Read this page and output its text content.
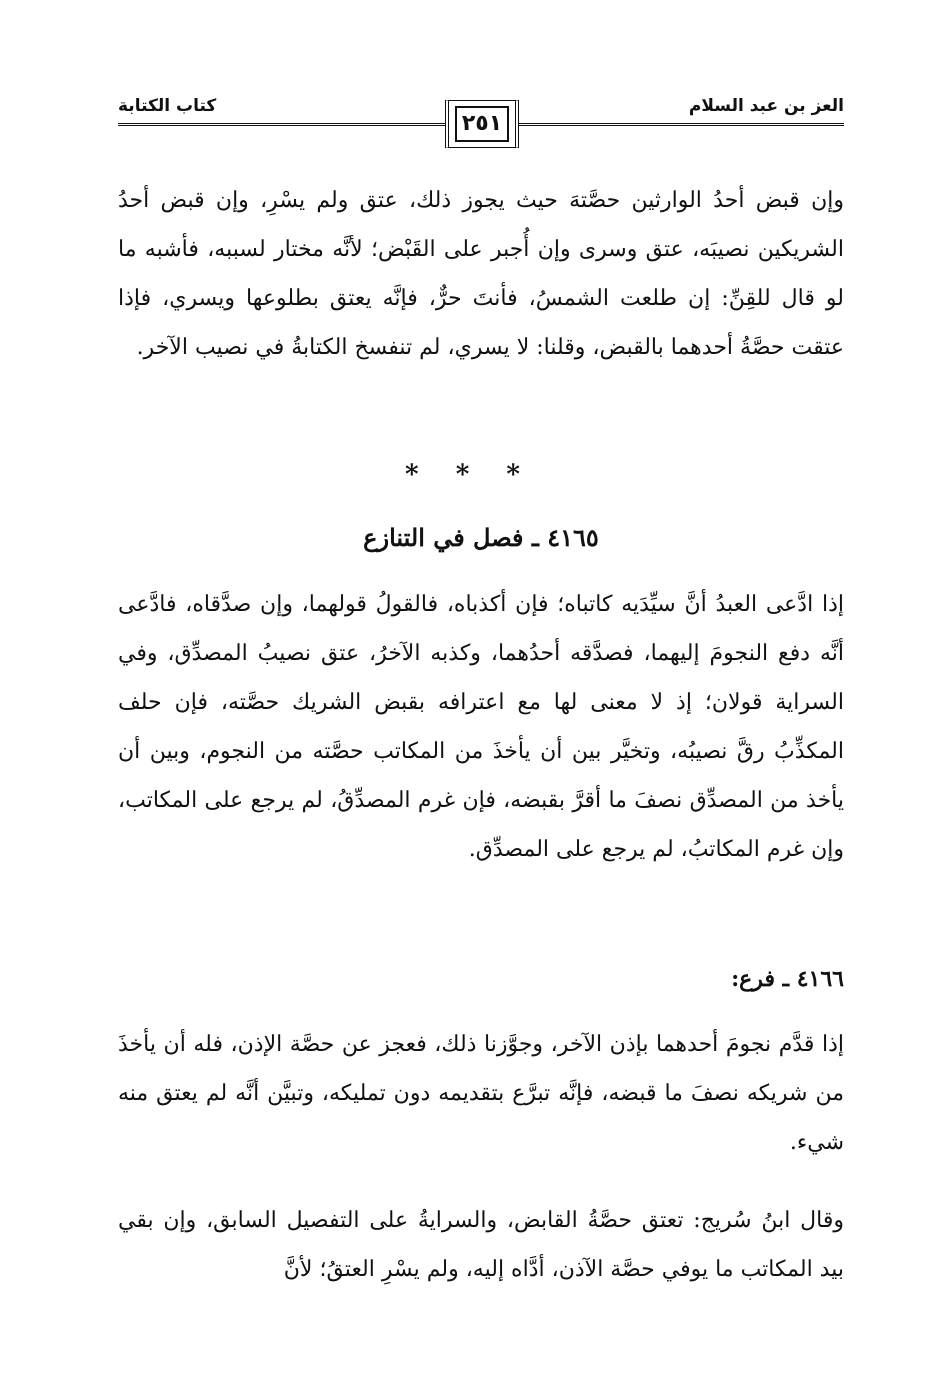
العز بن عبد السلام
كتاب الكتابة
٢٥١
وإن قبض أحدُ الوارثين حصَّتهَ حيث يجوز ذلك، عتق ولم يسْرِ، وإن قبض أحدُ الشريكين نصيبَه، عتق وسرى وإن أُجبر على القَبْض؛ لأنَّه مختار لسببه، فأشبه ما لو قال للقِنِّ: إن طلعت الشمسُ، فأنتَ حرٌّ، فإنَّه يعتق بطلوعها ويسري، فإذا عتقت حصَّةُ أحدهما بالقبض، وقلنا: لا يسري، لم تنفسخ الكتابةُ في نصيب الآخر.
* * *
٤١٦٥ ـ فصل في التنازع
إذا ادَّعى العبدُ أنَّ سيِّدَيه كاتباه؛ فإن أكذباه، فالقولُ قولهما، وإن صدَّقاه، فادَّعى أنَّه دفع النجومَ إليهما، فصدَّقه أحدُهما، وكذبه الآخرُ، عتق نصيبُ المصدِّق، وفي السراية قولان؛ إذ لا معنى لها مع اعترافه بقبض الشريك حصَّته، فإن حلف المكذِّبُ رقَّ نصيبُه، وتخيَّر بين أن يأخذَ من المكاتب حصَّته من النجوم، وبين أن يأخذ من المصدِّق نصفَ ما أقرَّ بقبضه، فإن غرم المصدِّقُ، لم يرجع على المكاتب، وإن غرم المكاتبُ، لم يرجع على المصدِّق.
٤١٦٦ ـ فرع:
إذا قدَّم نجومَ أحدهما بإذن الآخر، وجوَّزنا ذلك، فعجز عن حصَّة الإذن، فله أن يأخذَ من شريكه نصفَ ما قبضه، فإنَّه تبرَّع بتقديمه دون تمليكه، وتبيَّن أنَّه لم يعتق منه شيء.
وقال ابنُ سُريج: تعتق حصَّةُ القابض، والسرايةُ على التفصيل السابق، وإن بقي بيد المكاتب ما يوفي حصَّة الآذن، أدَّاه إليه، ولم يسْرِ العتقُ؛ لأنَّ
